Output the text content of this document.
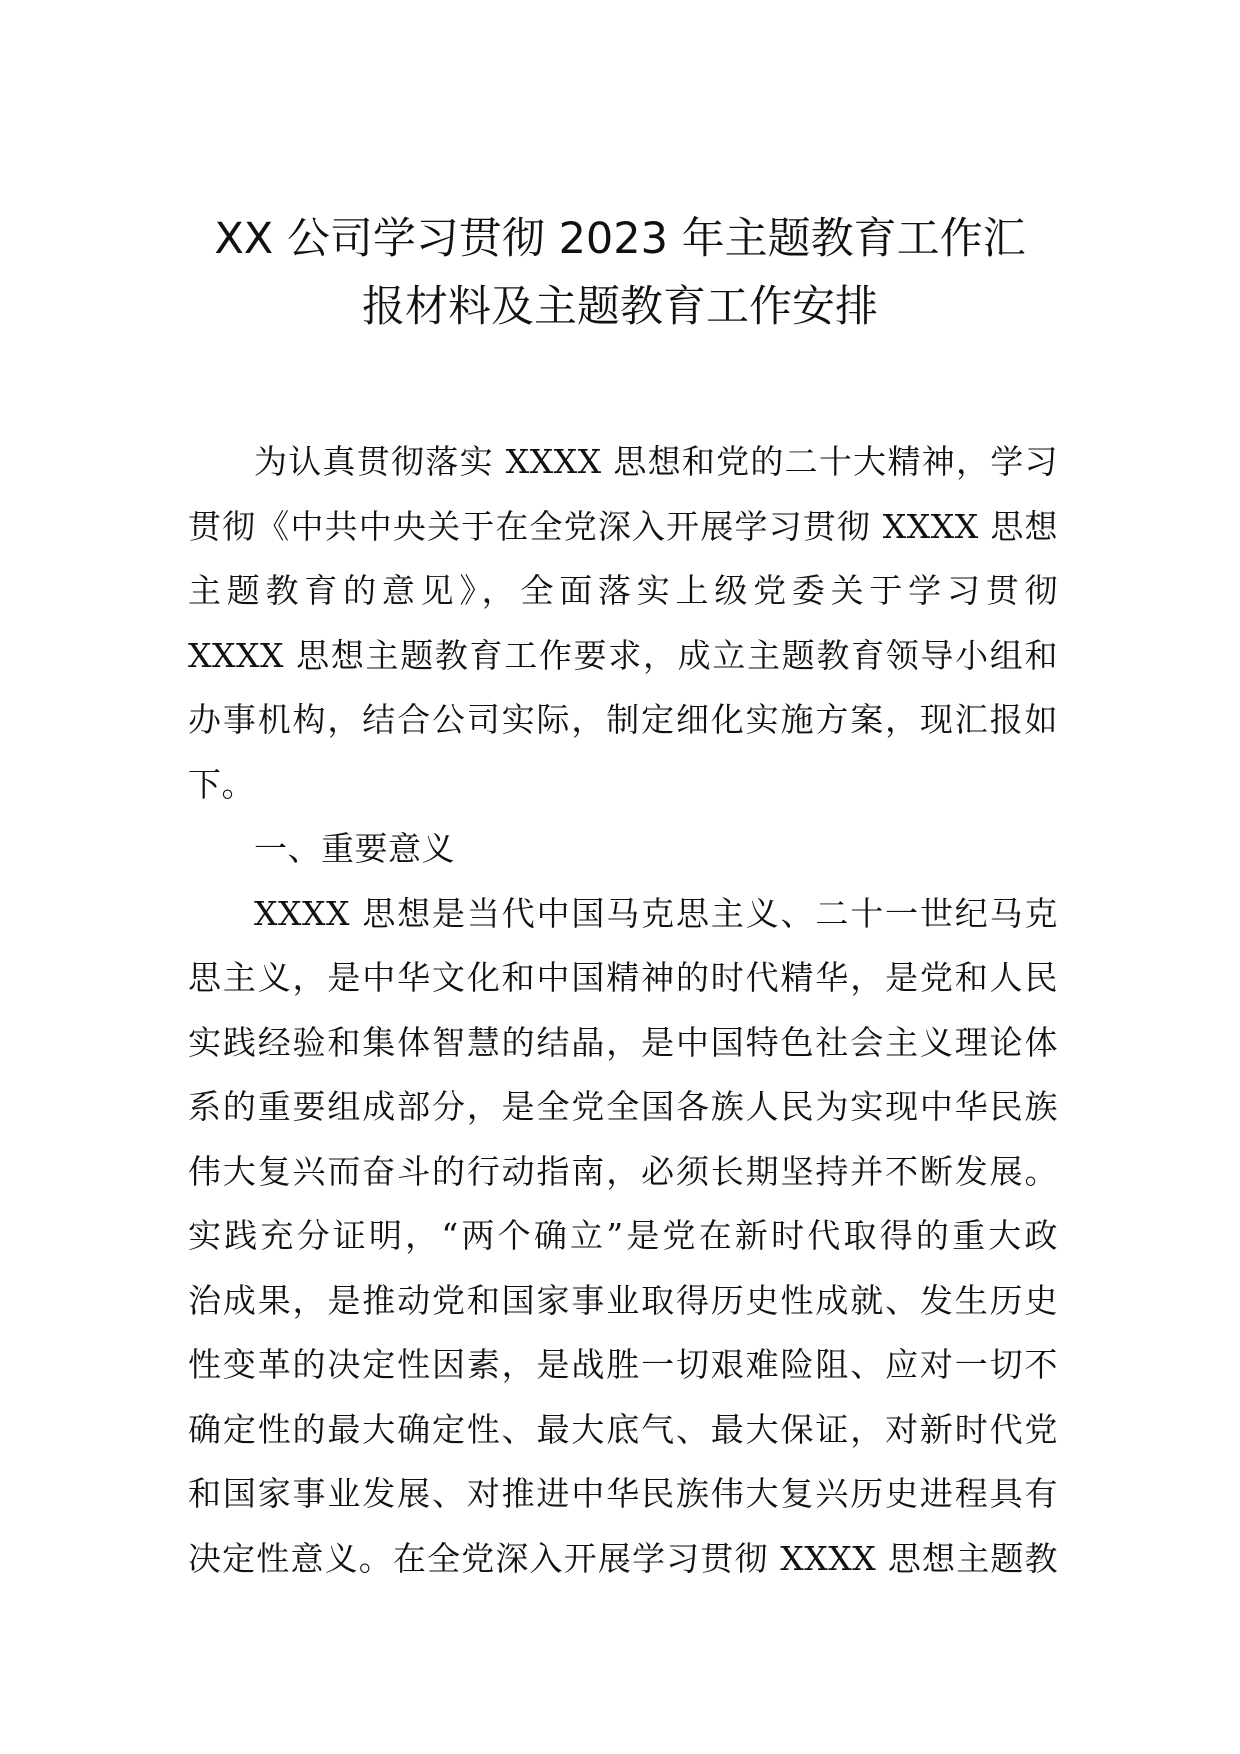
XX 公司学习贯彻 2023 年主题教育工作汇
报材料及主题教育工作安排
为认真贯彻落实 XXXX 思想和党的二十大精神，学习
贯彻《中共中央关于在全党深入开展学习贯彻 XXXX 思想
主题教育的意见》，全面落实上级党委关于学习贯彻
XXXX 思想主题教育工作要求，成立主题教育领导小组和
办事机构，结合公司实际，制定细化实施方案，现汇报如
下。
一、重要意义
XXXX 思想是当代中国马克思主义、二十一世纪马克
思主义，是中华文化和中国精神的时代精华，是党和人民
实践经验和集体智慧的结晶，是中国特色社会主义理论体
系的重要组成部分，是全党全国各族人民为实现中华民族
伟大复兴而奋斗的行动指南，必须长期坚持并不断发展。
实践充分证明，“两个确立”是党在新时代取得的重大政
治成果，是推动党和国家事业取得历史性成就、发生历史
性变革的决定性因素，是战胜一切艰难险阻、应对一切不
确定性的最大确定性、最大底气、最大保证，对新时代党
和国家事业发展、对推进中华民族伟大复兴历史进程具有
决定性意义。在全党深入开展学习贯彻 XXXX 思想主题教
